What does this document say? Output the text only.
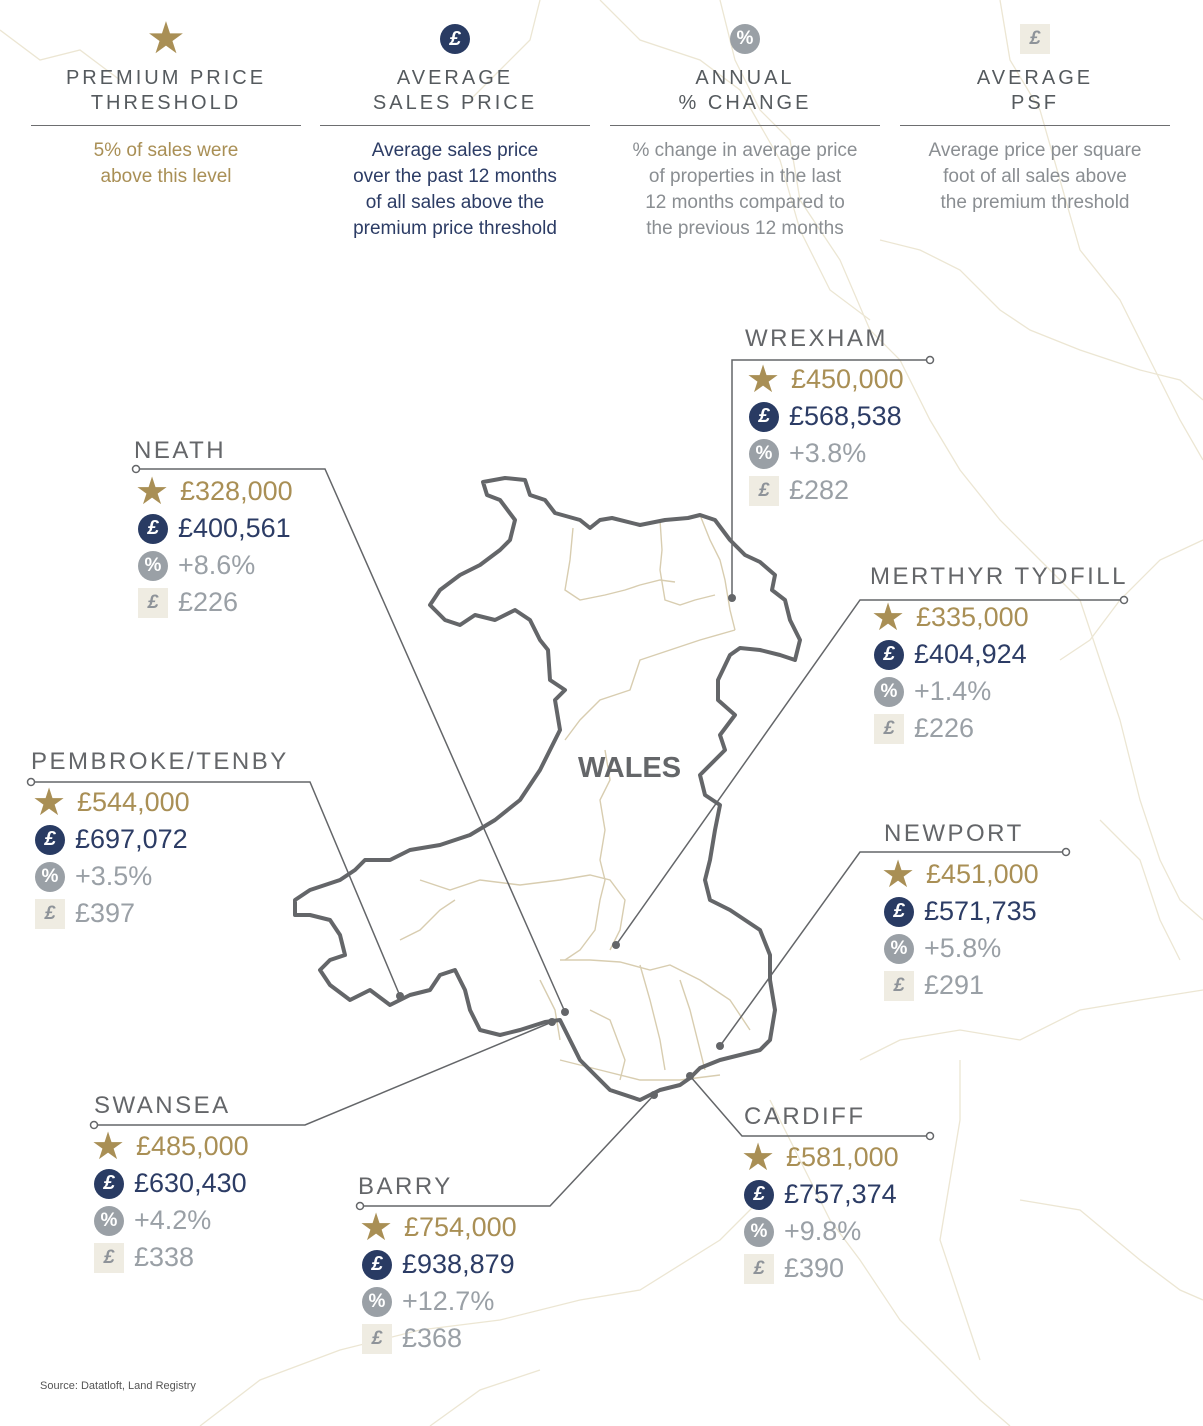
★
PREMIUM PRICE
THRESHOLD
5% of sales were
above this level
£
AVERAGE
SALES PRICE
Average sales price
over the past 12 months
of all sales above the
premium price threshold
%
ANNUAL
% CHANGE
% change in average price
of properties in the last
12 months compared to
the previous 12 months
£
AVERAGE
PSF
Average price per square
foot of all sales above
the premium threshold
WALES
WREXHAM
★ £450,000
£ £568,538
% +3.8%
£ £282
NEATH
★ £328,000
£ £400,561
% +8.6%
£ £226
MERTHYR TYDFILL
★ £335,000
£ £404,924
% +1.4%
£ £226
PEMBROKE/TENBY
★ £544,000
£ £697,072
% +3.5%
£ £397
NEWPORT
★ £451,000
£ £571,735
% +5.8%
£ £291
SWANSEA
★ £485,000
£ £630,430
% +4.2%
£ £338
BARRY
★ £754,000
£ £938,879
% +12.7%
£ £368
CARDIFF
★ £581,000
£ £757,374
% +9.8%
£ £390
Source: Datatloft, Land Registry
